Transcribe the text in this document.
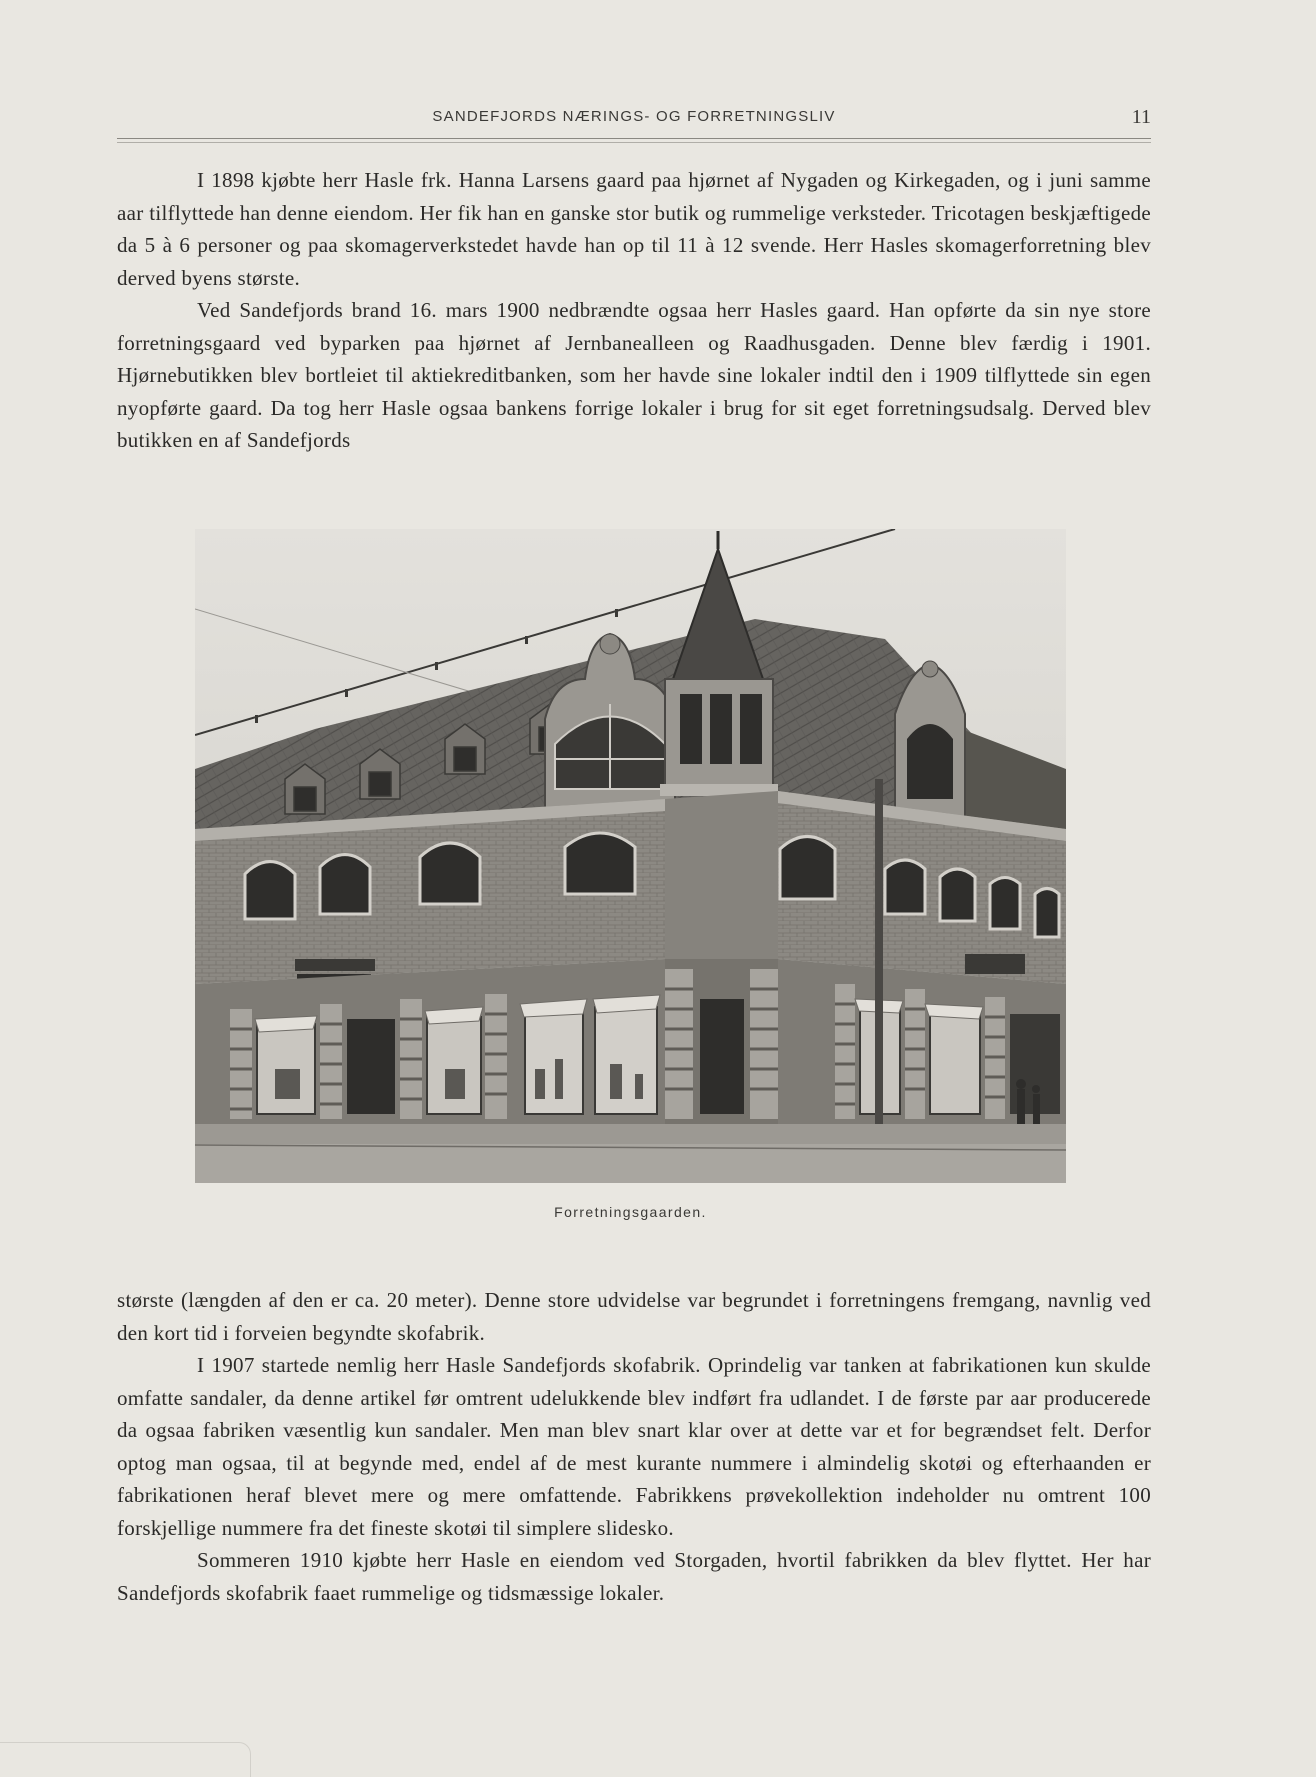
SANDEFJORDS NÆRINGS- OG FORRETNINGSLIV	11

I 1898 kjøbte herr Hasle frk. Hanna Larsens gaard paa hjørnet af Nygaden og Kirkegaden, og i juni samme aar tilflyttede han denne eiendom. Her fik han en ganske stor butik og rummelige verksteder. Tricotagen beskjæftigede da 5 à 6 personer og paa skomagerverkstedet havde han op til 11 à 12 svende. Herr Hasles skomagerforretning blev derved byens største.

Ved Sandefjords brand 16. mars 1900 nedbrændte ogsaa herr Hasles gaard. Han opførte da sin nye store forretningsgaard ved byparken paa hjørnet af Jernbanealleen og Raadhusgaden. Denne blev færdig i 1901. Hjørnebutikken blev bortleiet til aktiekreditbanken, som her havde sine lokaler indtil den i 1909 tilflyttede sin egen nyopførte gaard. Da tog herr Hasle ogsaa bankens forrige lokaler i brug for sit eget forretningsudsalg. Derved blev butikken en af Sandefjords

Forretningsgaarden.

største (længden af den er ca. 20 meter). Denne store udvidelse var begrundet i forretningens fremgang, navnlig ved den kort tid i forveien begyndte skofabrik.

I 1907 startede nemlig herr Hasle Sandefjords skofabrik. Oprindelig var tanken at fabrikationen kun skulde omfatte sandaler, da denne artikel før omtrent udelukkende blev indført fra udlandet. I de første par aar producerede da ogsaa fabriken væsentlig kun sandaler. Men man blev snart klar over at dette var et for begrændset felt. Derfor optog man ogsaa, til at begynde med, endel af de mest kurante nummere i almindelig skotøi og efterhaanden er fabrikationen heraf blevet mere og mere omfattende. Fabrikkens prøvekollektion indeholder nu omtrent 100 forskjellige nummere fra det fineste skotøi til simplere slidesko.

Sommeren 1910 kjøbte herr Hasle en eiendom ved Storgaden, hvortil fabrikken da blev flyttet. Her har Sandefjords skofabrik faaet rummelige og tidsmæssige lokaler.
